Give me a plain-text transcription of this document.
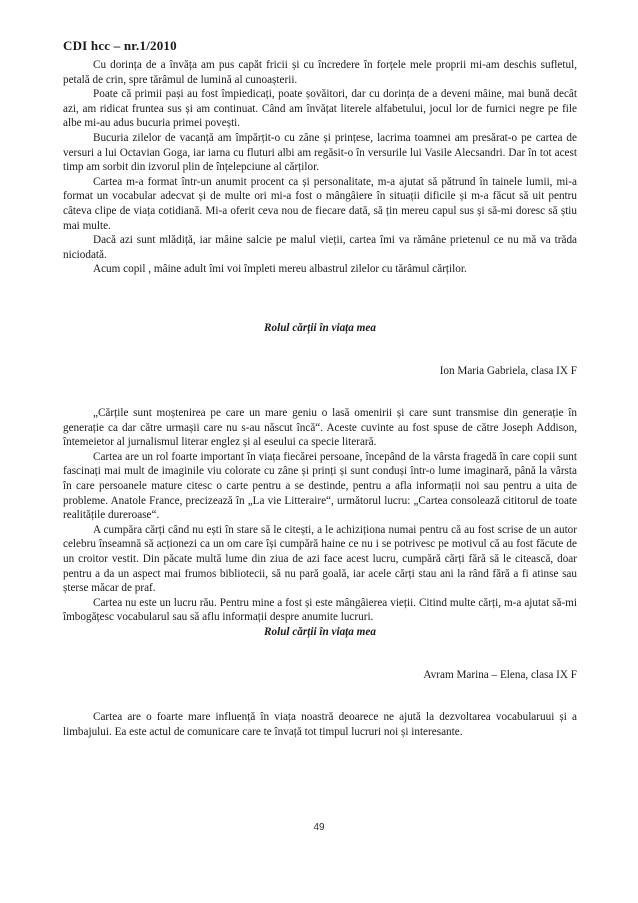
CDI hcc – nr.1/2010

Cu dorința de a învăța am pus capăt fricii și cu încredere în forțele mele proprii mi-am deschis sufletul, petală de crin, spre tărâmul de lumină al cunoașterii.

Poate că primii pași au fost împiedicați, poate șovăitori, dar cu dorința de a deveni mâine, mai bună decât azi, am ridicat fruntea sus și am continuat. Când am învățat literele alfabetului, jocul lor de furnici negre pe file albe mi-au adus bucuria primei povești.

Bucuria zilelor de vacanță am împărțit-o cu zâne și prințese, lacrima toamnei am presărat-o pe cartea de versuri a lui Octavian Goga, iar iarna cu fluturi albi am regăsit-o în versurile lui Vasile Alecsandri. Dar în tot acest timp am sorbit din izvorul plin de înțelepciune al cărților.

Cartea m-a format într-un anumit procent ca și personalitate, m-a ajutat să pătrund în tainele lumii, mi-a format un vocabular adecvat și de multe ori mi-a fost o mângâiere în situații dificile și m-a făcut să uit pentru câteva clipe de viața cotidiană. Mi-a oferit ceva nou de fiecare dată, să țin mereu capul sus și să-mi doresc să știu mai multe.

Dacă azi sunt mlădiță, iar mâine salcie pe malul vieții, cartea îmi va rămâne prietenul ce nu mă va trăda niciodată.

Acum copil , mâine adult îmi voi împleti mereu albastrul zilelor cu tărâmul cărților.

Rolul cărții în viața mea

Ion Maria Gabriela, clasa IX F

„Cărțile sunt moștenirea pe care un mare geniu o lasă omenirii și care sunt transmise din generație în generație ca dar către urmașii care nu s-au născut încă“. Aceste cuvinte au fost spuse de către Joseph Addison, întemeietor al jurnalismul literar englez și al eseului ca specie literară.

Cartea are un rol foarte important în viața fiecărei persoane, începând de la vârsta fragedă în care copii sunt fascinați mai mult de imaginile viu colorate cu zâne și prinți și sunt conduși într-o lume imaginară, până la vârsta în care persoanele mature citesc o carte pentru a se destinde, pentru a afla informații noi sau pentru a uita de probleme. Anatole France, precizează în „La vie Litteraire“, următorul lucru: „Cartea consolează cititorul de toate realitățile dureroase“.

A cumpăra cărți când nu ești în stare să le citești, a le achiziționa numai pentru că au fost scrise de un autor celebru înseamnă să acționezi ca un om care își cumpără haine ce nu i se potrivesc pe motivul că au fost făcute de un croitor vestit. Din păcate multă lume din ziua de azi face acest lucru, cumpără cărți fără să le citească, doar pentru a da un aspect mai frumos bibliotecii, să nu pară goală, iar acele cărți stau ani la rând fără a fi atinse sau șterse măcar de praf.

Cartea nu este un lucru rău. Pentru mine a fost și este mângâierea vieții. Citind multe cărți, m-a ajutat să-mi îmbogățesc vocabularul sau să aflu informații despre anumite lucruri.

Rolul cărții în viața mea

Avram Marina – Elena, clasa IX F

Cartea are o foarte mare influență în viața noastră deoarece ne ajută la dezvoltarea vocabularuui și a limbajului. Ea este actul de comunicare care te învață tot timpul lucruri noi și interesante.

49
